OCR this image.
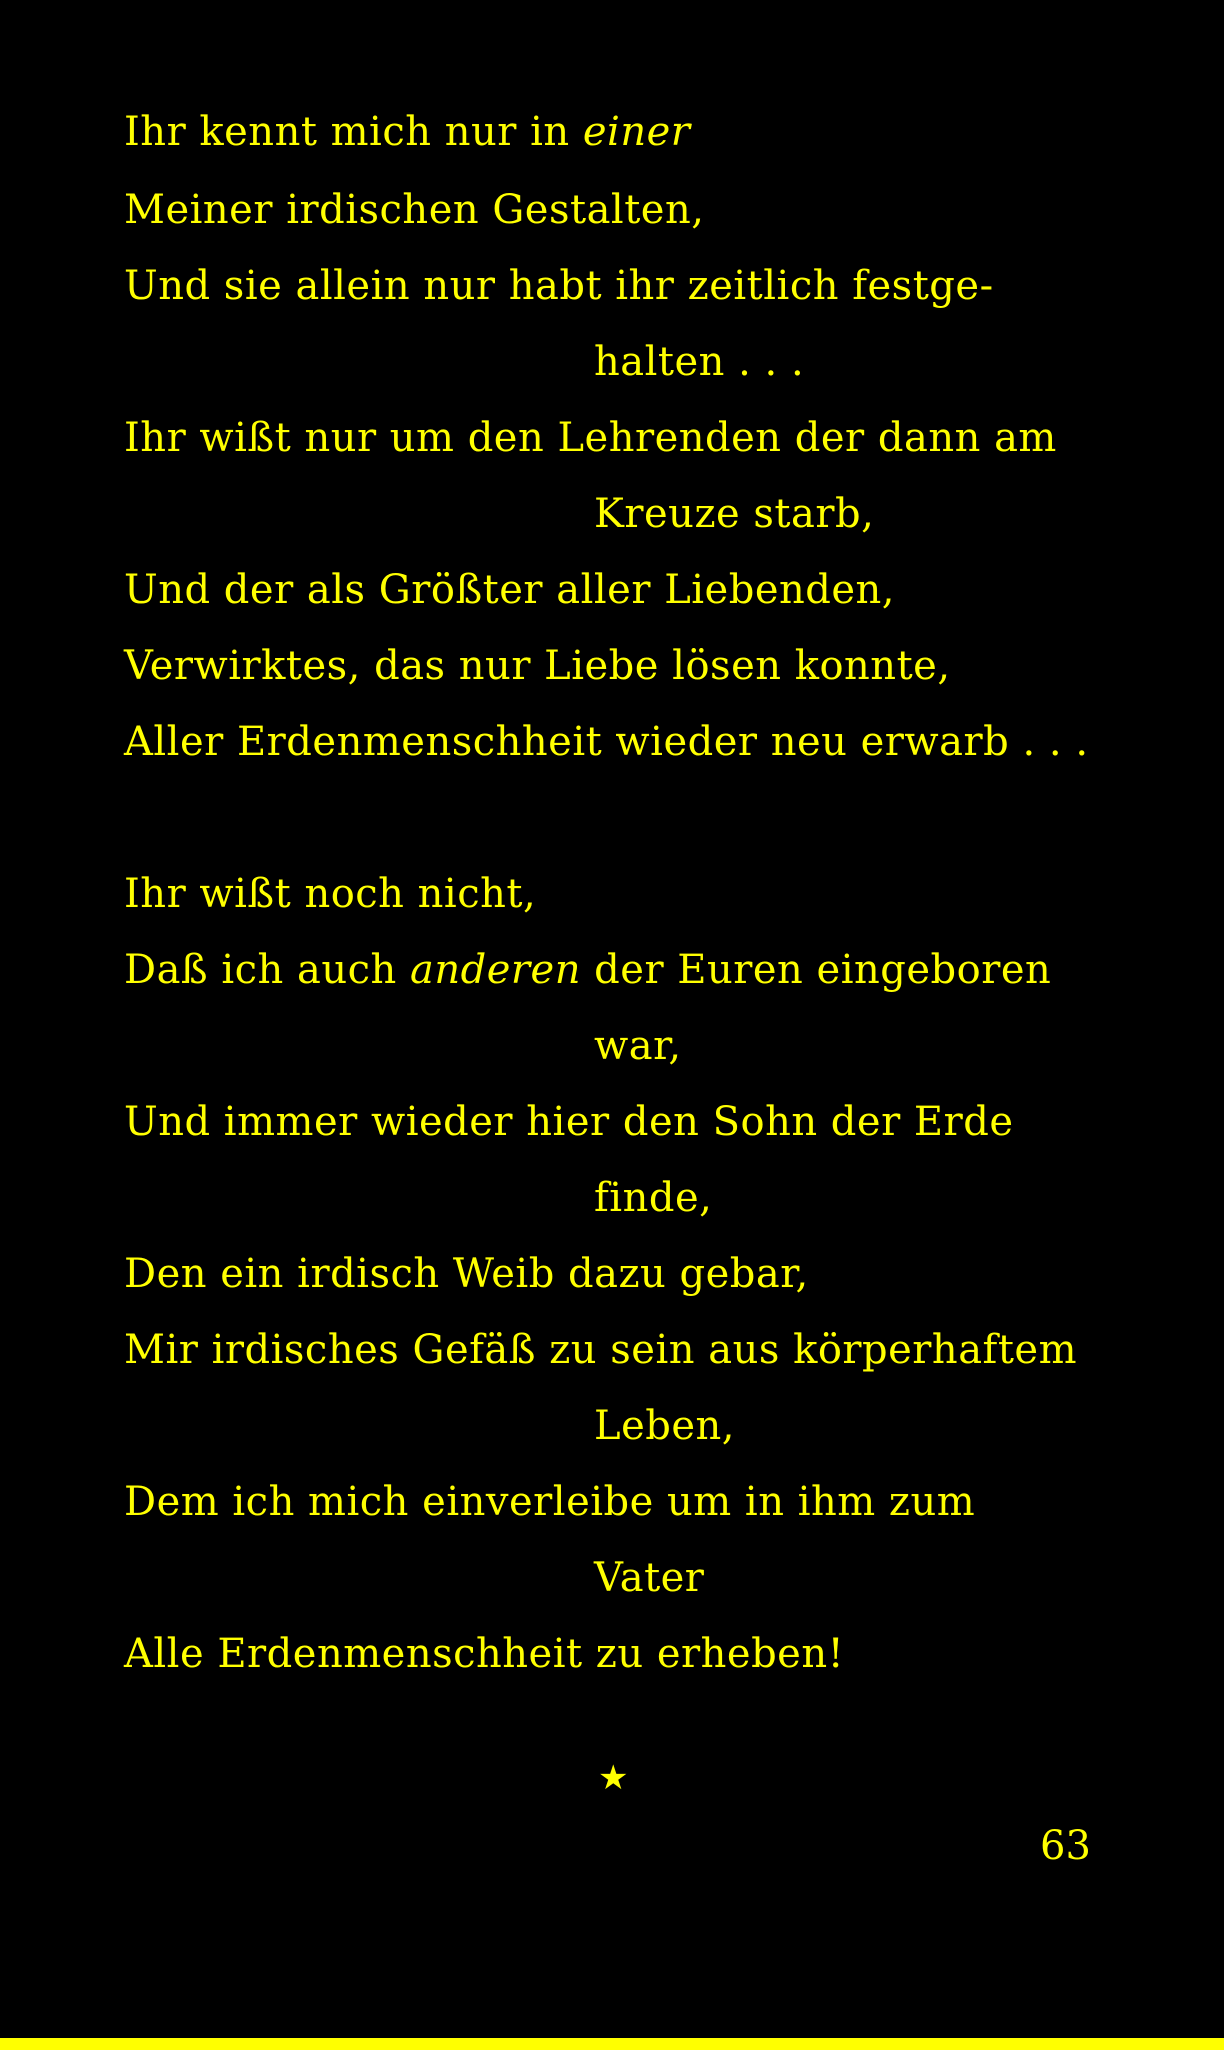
Ihr kennt mich nur in einer
Meiner irdischen Gestalten,
Und sie allein nur habt ihr zeitlich festge-
halten . . .
Ihr wißt nur um den Lehrenden der dann am
Kreuze starb,
Und der als Größter aller Liebenden,
Verwirktes, das nur Liebe lösen konnte,
Aller Erdenmenschheit wieder neu erwarb . . .
Ihr wißt noch nicht,
Daß ich auch anderen der Euren eingeboren
war,
Und immer wieder hier den Sohn der Erde
finde,
Den ein irdisch Weib dazu gebar,
Mir irdisches Gefäß zu sein aus körperhaftem
Leben,
Dem ich mich einverleibe um in ihm zum
Vater
Alle Erdenmenschheit zu erheben!
★
63
